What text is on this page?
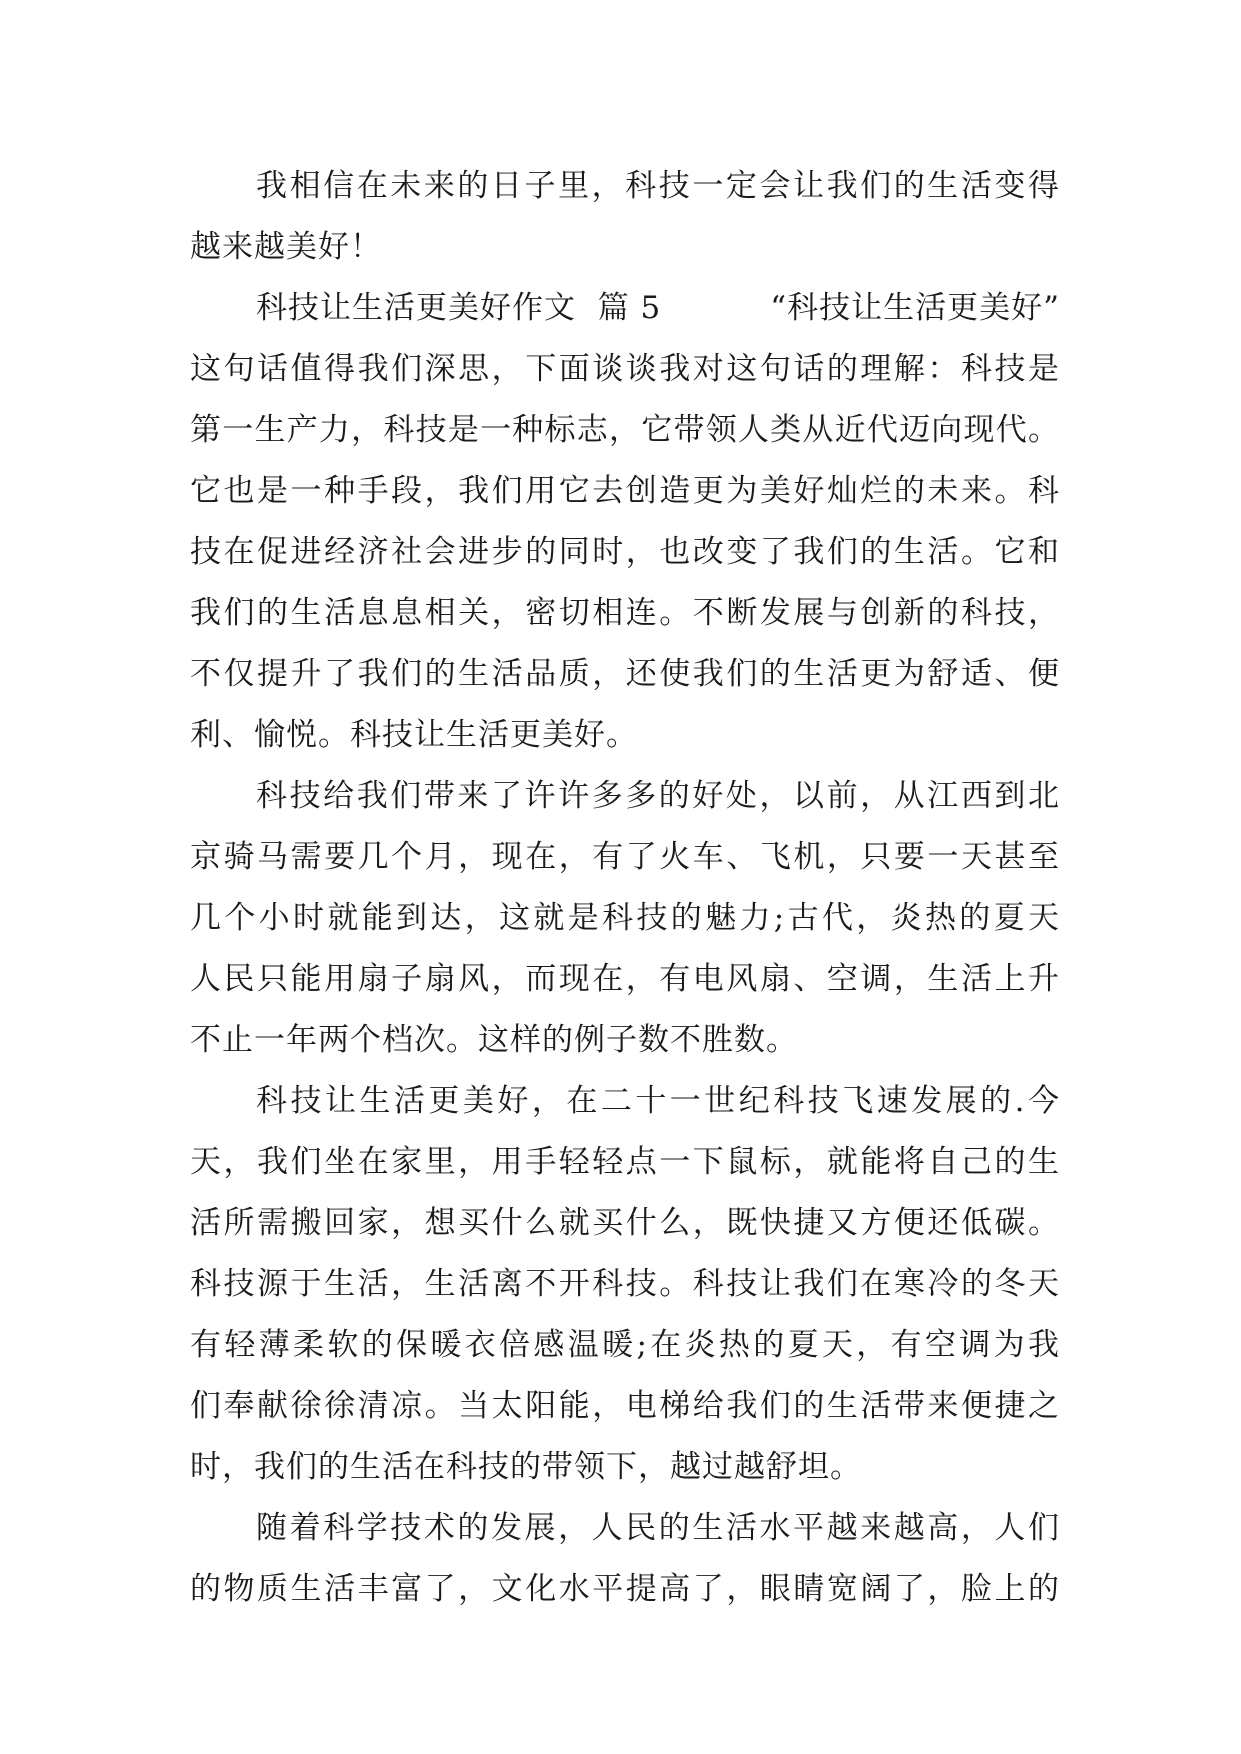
我相信在未来的日子里，科技一定会让我们的生活变得
越来越美好！
科技让生活更美好作文  篇 5	“科技让生活更美好”
这句话值得我们深思，下面谈谈我对这句话的理解：科技是
第一生产力，科技是一种标志，它带领人类从近代迈向现代。
它也是一种手段，我们用它去创造更为美好灿烂的未来。科
技在促进经济社会进步的同时，也改变了我们的生活。它和
我们的生活息息相关，密切相连。不断发展与创新的科技，
不仅提升了我们的生活品质，还使我们的生活更为舒适、便
利、愉悦。科技让生活更美好。
科技给我们带来了许许多多的好处，以前，从江西到北
京骑马需要几个月，现在，有了火车、飞机，只要一天甚至
几个小时就能到达，这就是科技的魅力;古代，炎热的夏天
人民只能用扇子扇风，而现在，有电风扇、空调，生活上升
不止一年两个档次。这样的例子数不胜数。
科技让生活更美好，在二十一世纪科技飞速发展的.今
天，我们坐在家里，用手轻轻点一下鼠标，就能将自己的生
活所需搬回家，想买什么就买什么，既快捷又方便还低碳。
科技源于生活，生活离不开科技。科技让我们在寒冷的冬天
有轻薄柔软的保暖衣倍感温暖;在炎热的夏天，有空调为我
们奉献徐徐清凉。当太阳能，电梯给我们的生活带来便捷之
时，我们的生活在科技的带领下，越过越舒坦。
随着科学技术的发展，人民的生活水平越来越高，人们
的物质生活丰富了，文化水平提高了，眼睛宽阔了，脸上的
